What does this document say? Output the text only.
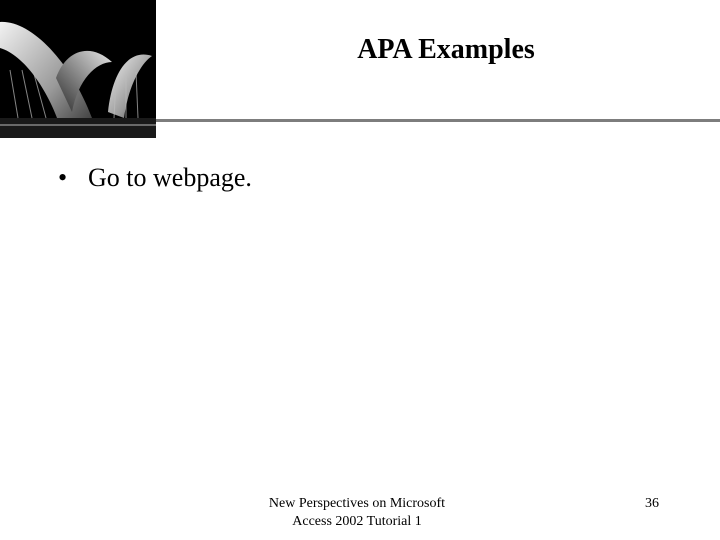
APA Examples
• Go to webpage.
New Perspectives on Microsoft
Access 2002 Tutorial 1
36
